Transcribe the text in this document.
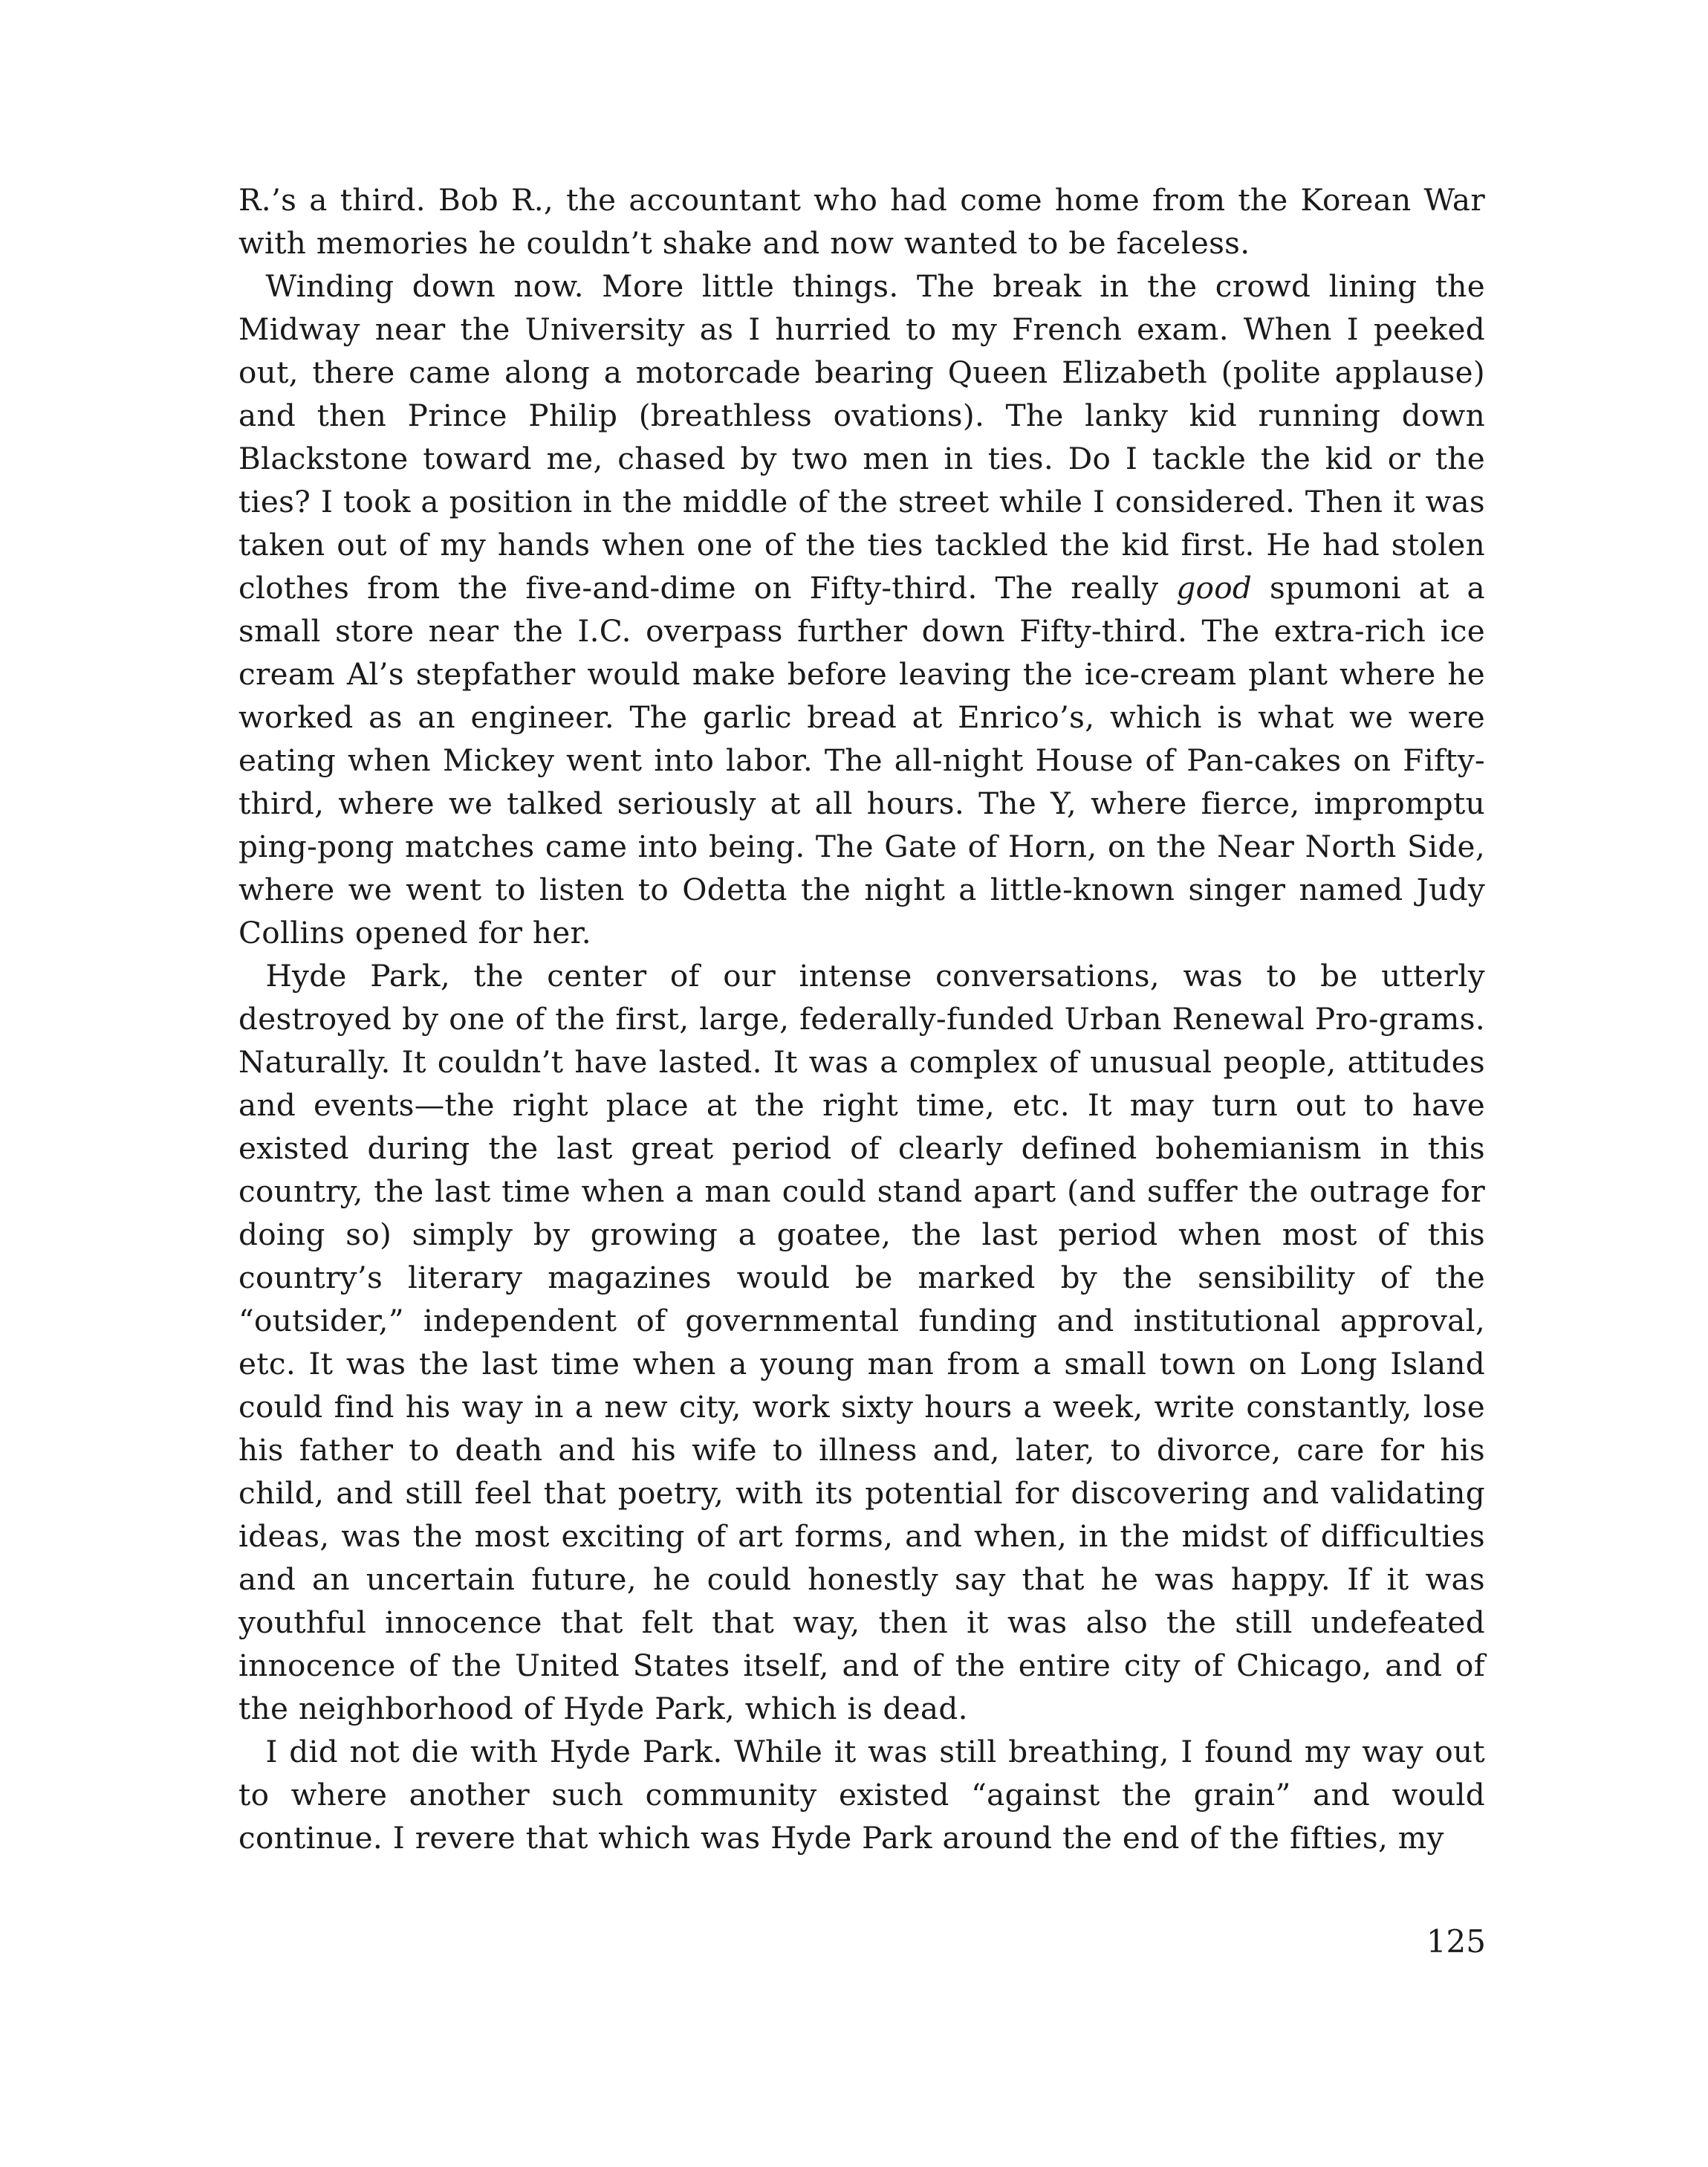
R.’s a third. Bob R., the accountant who had come home from the Korean War with memories he couldn’t shake and now wanted to be faceless.

Winding down now. More little things. The break in the crowd lining the Midway near the University as I hurried to my French exam. When I peeked out, there came along a motorcade bearing Queen Elizabeth (polite applause) and then Prince Philip (breathless ovations). The lanky kid running down Blackstone toward me, chased by two men in ties. Do I tackle the kid or the ties? I took a position in the middle of the street while I considered. Then it was taken out of my hands when one of the ties tackled the kid first. He had stolen clothes from the five-and-dime on Fifty-third. The really good spumoni at a small store near the I.C. overpass further down Fifty-third. The extra-rich ice cream Al’s stepfather would make before leaving the ice-cream plant where he worked as an engineer. The garlic bread at Enrico’s, which is what we were eating when Mickey went into labor. The all-night House of Pan-cakes on Fifty-third, where we talked seriously at all hours. The Y, where fierce, impromptu ping-pong matches came into being. The Gate of Horn, on the Near North Side, where we went to listen to Odetta the night a little-known singer named Judy Collins opened for her.

Hyde Park, the center of our intense conversations, was to be utterly destroyed by one of the first, large, federally-funded Urban Renewal Pro-grams. Naturally. It couldn’t have lasted. It was a complex of unusual people, attitudes and events—the right place at the right time, etc. It may turn out to have existed during the last great period of clearly defined bohemianism in this country, the last time when a man could stand apart (and suffer the outrage for doing so) simply by growing a goatee, the last period when most of this country’s literary magazines would be marked by the sensibility of the “outsider,” independent of governmental funding and institutional approval, etc. It was the last time when a young man from a small town on Long Island could find his way in a new city, work sixty hours a week, write constantly, lose his father to death and his wife to illness and, later, to divorce, care for his child, and still feel that poetry, with its potential for discovering and validating ideas, was the most exciting of art forms, and when, in the midst of difficulties and an uncertain future, he could honestly say that he was happy. If it was youthful innocence that felt that way, then it was also the still undefeated innocence of the United States itself, and of the entire city of Chicago, and of the neighborhood of Hyde Park, which is dead.

I did not die with Hyde Park. While it was still breathing, I found my way out to where another such community existed “against the grain” and would continue. I revere that which was Hyde Park around the end of the fifties, my

125
